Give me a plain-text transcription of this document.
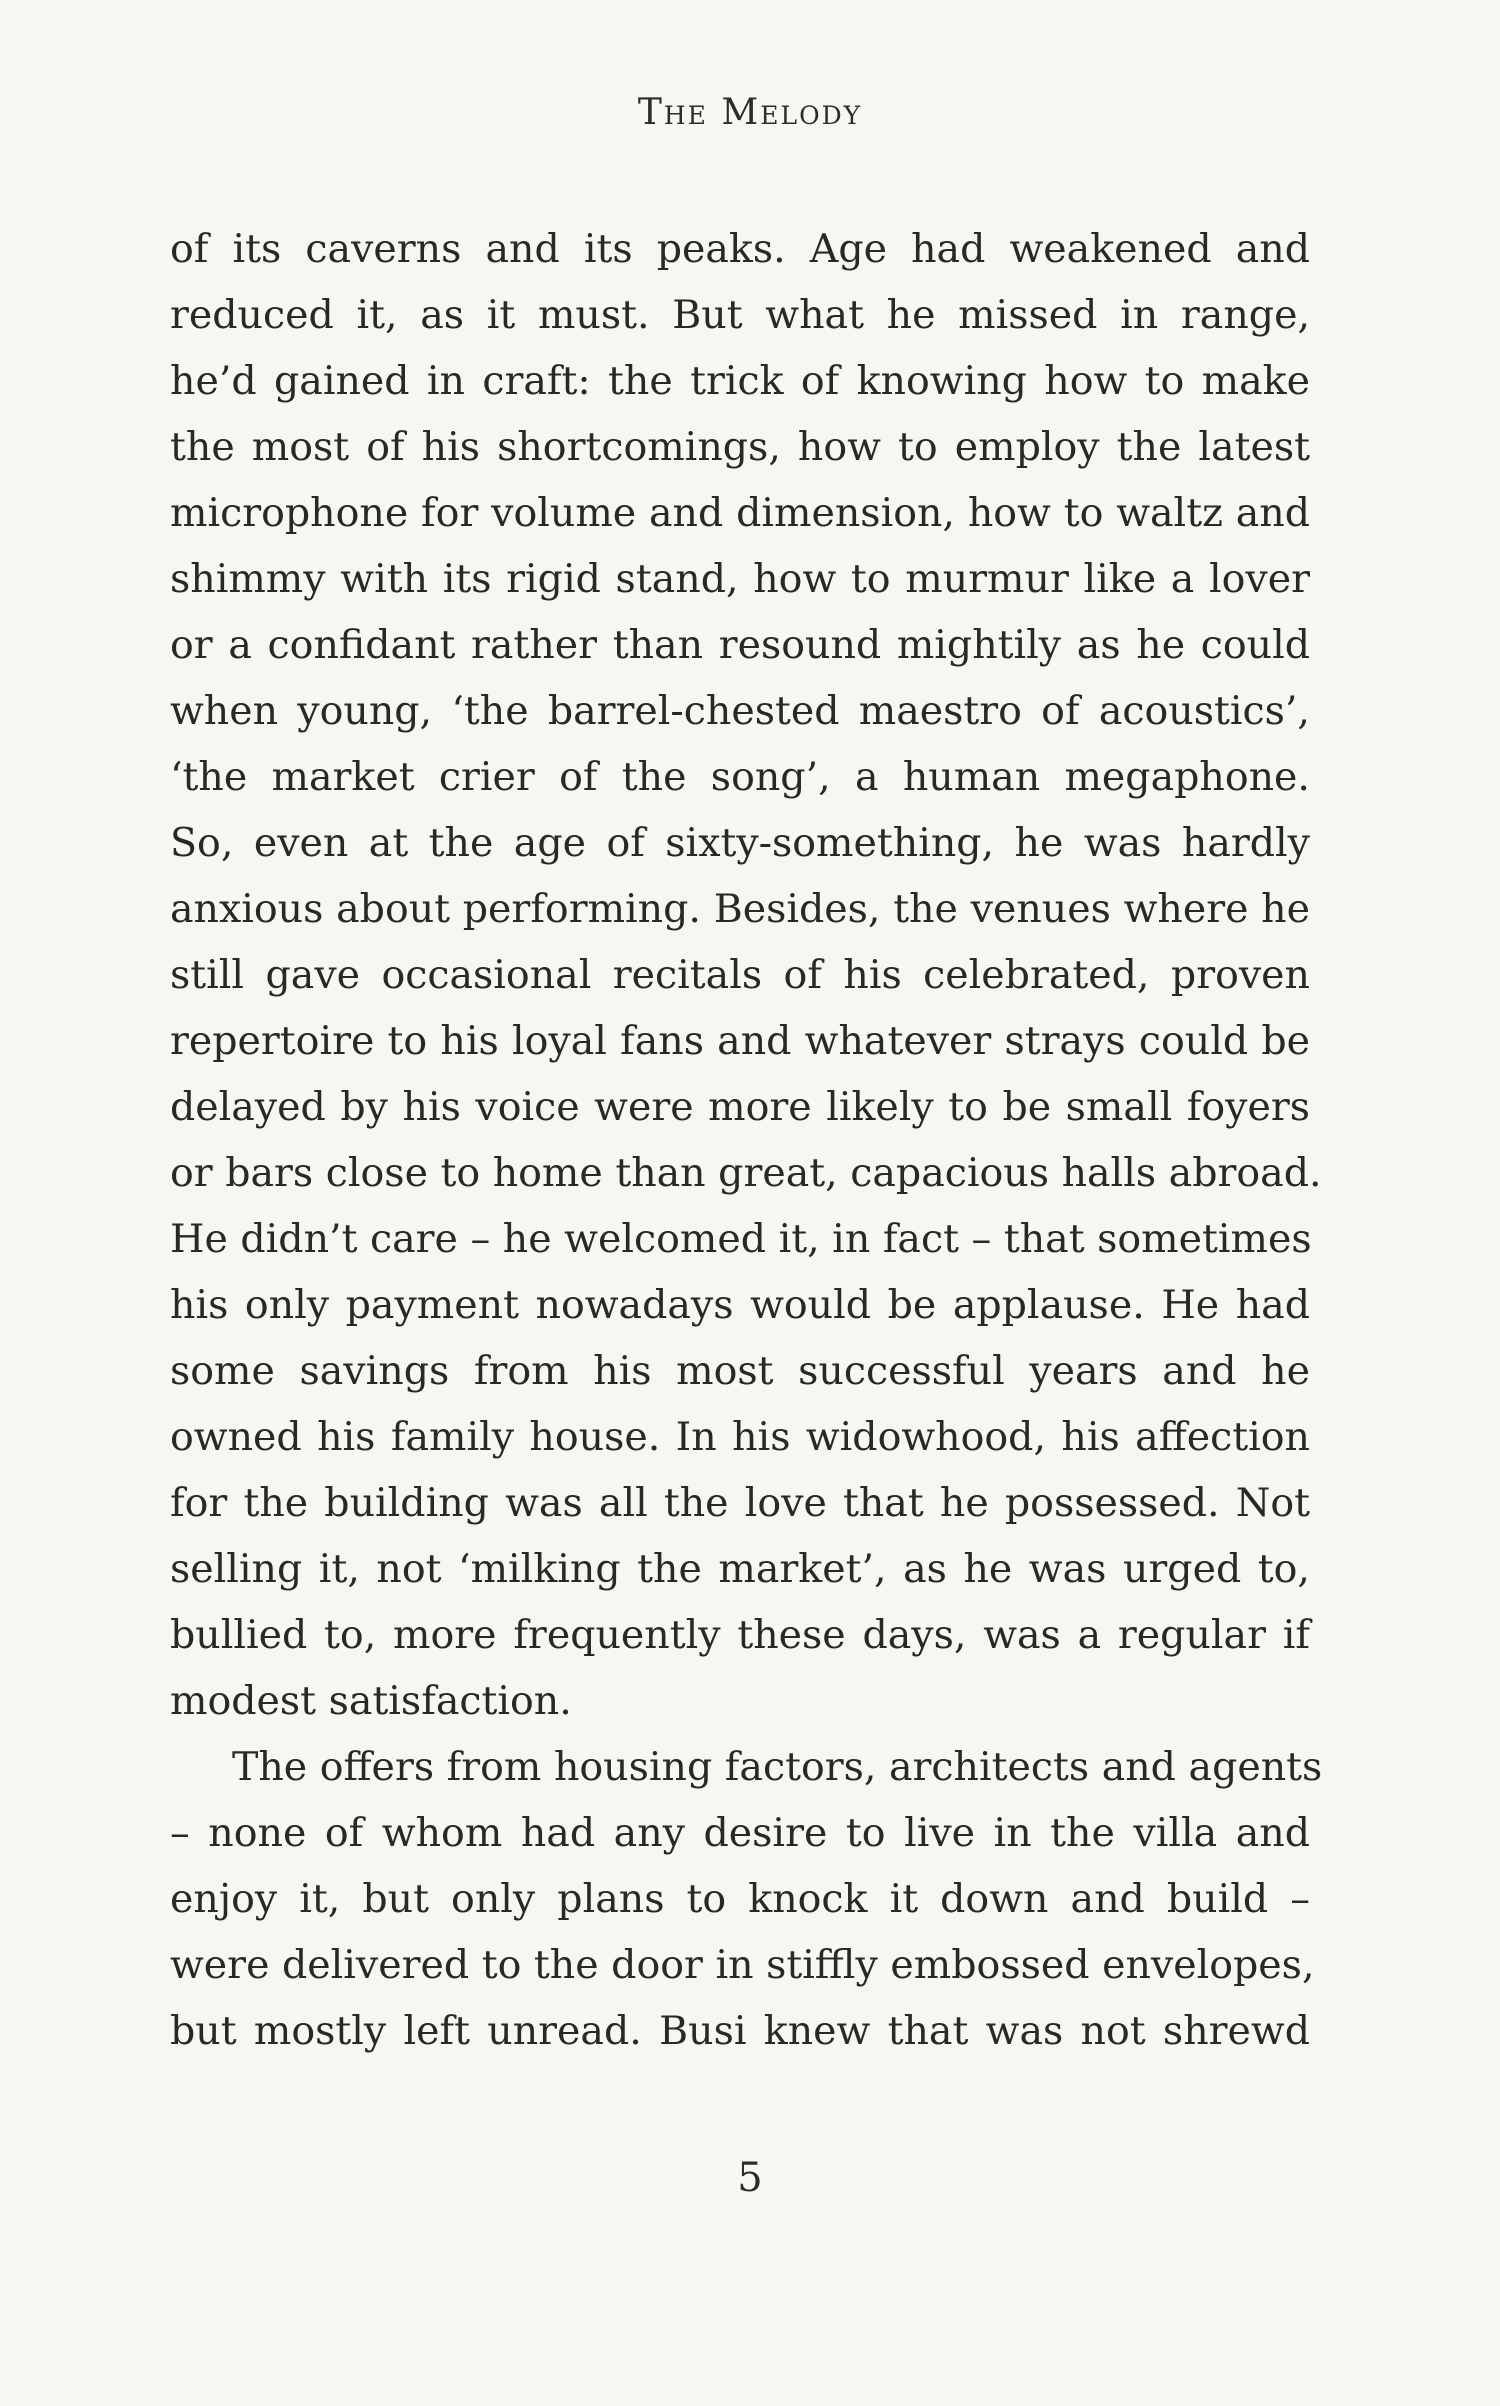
The Melody
of its caverns and its peaks. Age had weakened and
reduced it, as it must. But what he missed in range,
he’d gained in craft: the trick of knowing how to make
the most of his shortcomings, how to employ the latest
microphone for volume and dimension, how to waltz and
shimmy with its rigid stand, how to murmur like a lover
or a confidant rather than resound mightily as he could
when young, ‘the barrel-chested maestro of acoustics’,
‘the market crier of the song’, a human megaphone.
So, even at the age of sixty-something, he was hardly
anxious about performing. Besides, the venues where he
still gave occasional recitals of his celebrated, proven
repertoire to his loyal fans and whatever strays could be
delayed by his voice were more likely to be small foyers
or bars close to home than great, capacious halls abroad.
He didn’t care – he welcomed it, in fact – that sometimes
his only payment nowadays would be applause. He had
some savings from his most successful years and he
owned his family house. In his widowhood, his affection
for the building was all the love that he possessed. Not
selling it, not ‘milking the market’, as he was urged to,
bullied to, more frequently these days, was a regular if
modest satisfaction.
The offers from housing factors, architects and agents
– none of whom had any desire to live in the villa and
enjoy it, but only plans to knock it down and build –
were delivered to the door in stiffly embossed envelopes,
but mostly left unread. Busi knew that was not shrewd
5
